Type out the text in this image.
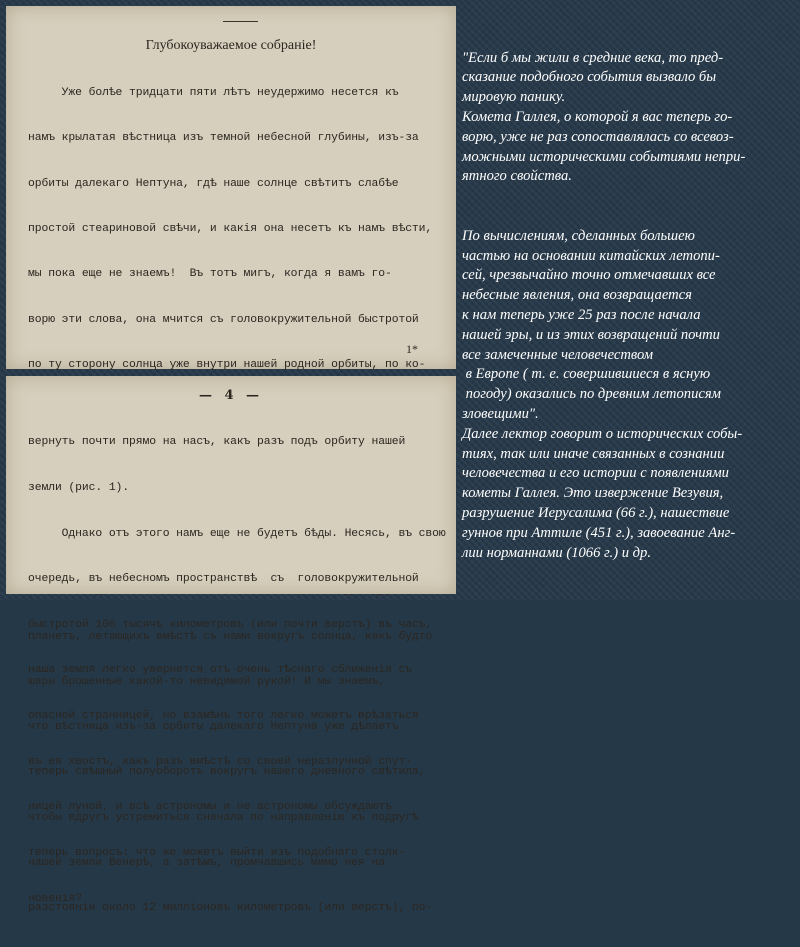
Глубокоуважаемое собраніе!

Уже болѣе тридцати пяти лѣтъ неудержимо несется къ

намъ крылатая вѣстница изъ темной небесной глубины, изъ-за

орбиты далекаго Нептуна, гдѣ наше солнце свѣтитъ слабѣе

простой стеариновой свѣчи, и какія она несетъ къ намъ вѣсти,

мы пока еще не знаемъ!  Въ тотъ мигъ, когда я вамъ го-

ворю эти слова, она мчится съ головокружительной быстротой

по ту сторону солнца уже внутри нашей родной орбиты, по ко-

планетъ, летающихъ вмѣстѣ съ нами вокругъ солнца, какъ будто

шары брошенные какой-то невидимой рукой! И мы знаемъ,

что вѣстница изъ-за орбиты далекаго Нептуна уже дѣлаетъ

теперь свѣшный полуоборотъ вокругъ нашего дневного свѣтила,

чтобы вдругъ устремиться сначала по направленію къ подругѣ

нашей земли Венерѣ, а затѣмъ, промчавшись мимо нея на

разстояніи около 12 милліоновъ километровъ (или верстъ), по-

1*
— 4 —

вернуть почти прямо на насъ, какъ разъ подъ орбиту нашей

земли (рис. 1).

Однако отъ этого намъ еще не будетъ бѣды. Несясь, въ свою

очередь, въ небесномъ пространствѣ  съ  головокружительной

быстротой 106 тысячъ километровъ (или почти верстъ) въ часъ,

наша земля легко увернется отъ очень тѣснаго сближенія съ

опасной странницей, но взамѣнъ того легко можетъ врѣзаться

въ ея хвостъ, какъ разъ вмѣстѣ со своей неразлучной спут-

ницей луной, и всѣ астрономы и не астрономы обсуждаютъ

теперь вопросъ: что же можетъ выйти изъ подобнаго столк-

новенія?

"Если б мы жили в средние века, то пред-
сказание подобного события вызвало бы
мировую панику.
Комета Галлея, о которой я вас теперь го-
ворю, уже не раз сопоставлялась со всевоз-
можными историческими событиями непри-
ятного свойства.

По вычислениям, сделанных большею
частью на основании китайских летопи-
сей, чрезвычайно точно отмечавших все
небесные явления, она возвращается
к нам теперь уже 25 раз после начала
нашей эры, и из этих возвращений почти
все замеченные человечеством
в Европе ( т. е. совершившиеся в ясную
погоду) оказались по древним летописям
зловещими".
Далее лектор говорит о исторических собы-
тиях, так или иначе связанных в сознании
человечества и его истории с появлениями
кометы Галлея. Это извержение Везувия,
разрушение Иерусалима (66 г.), нашествие
гуннов при Аттиле (451 г.), завоевание Анг-
лии норманнами (1066 г.) и др.
